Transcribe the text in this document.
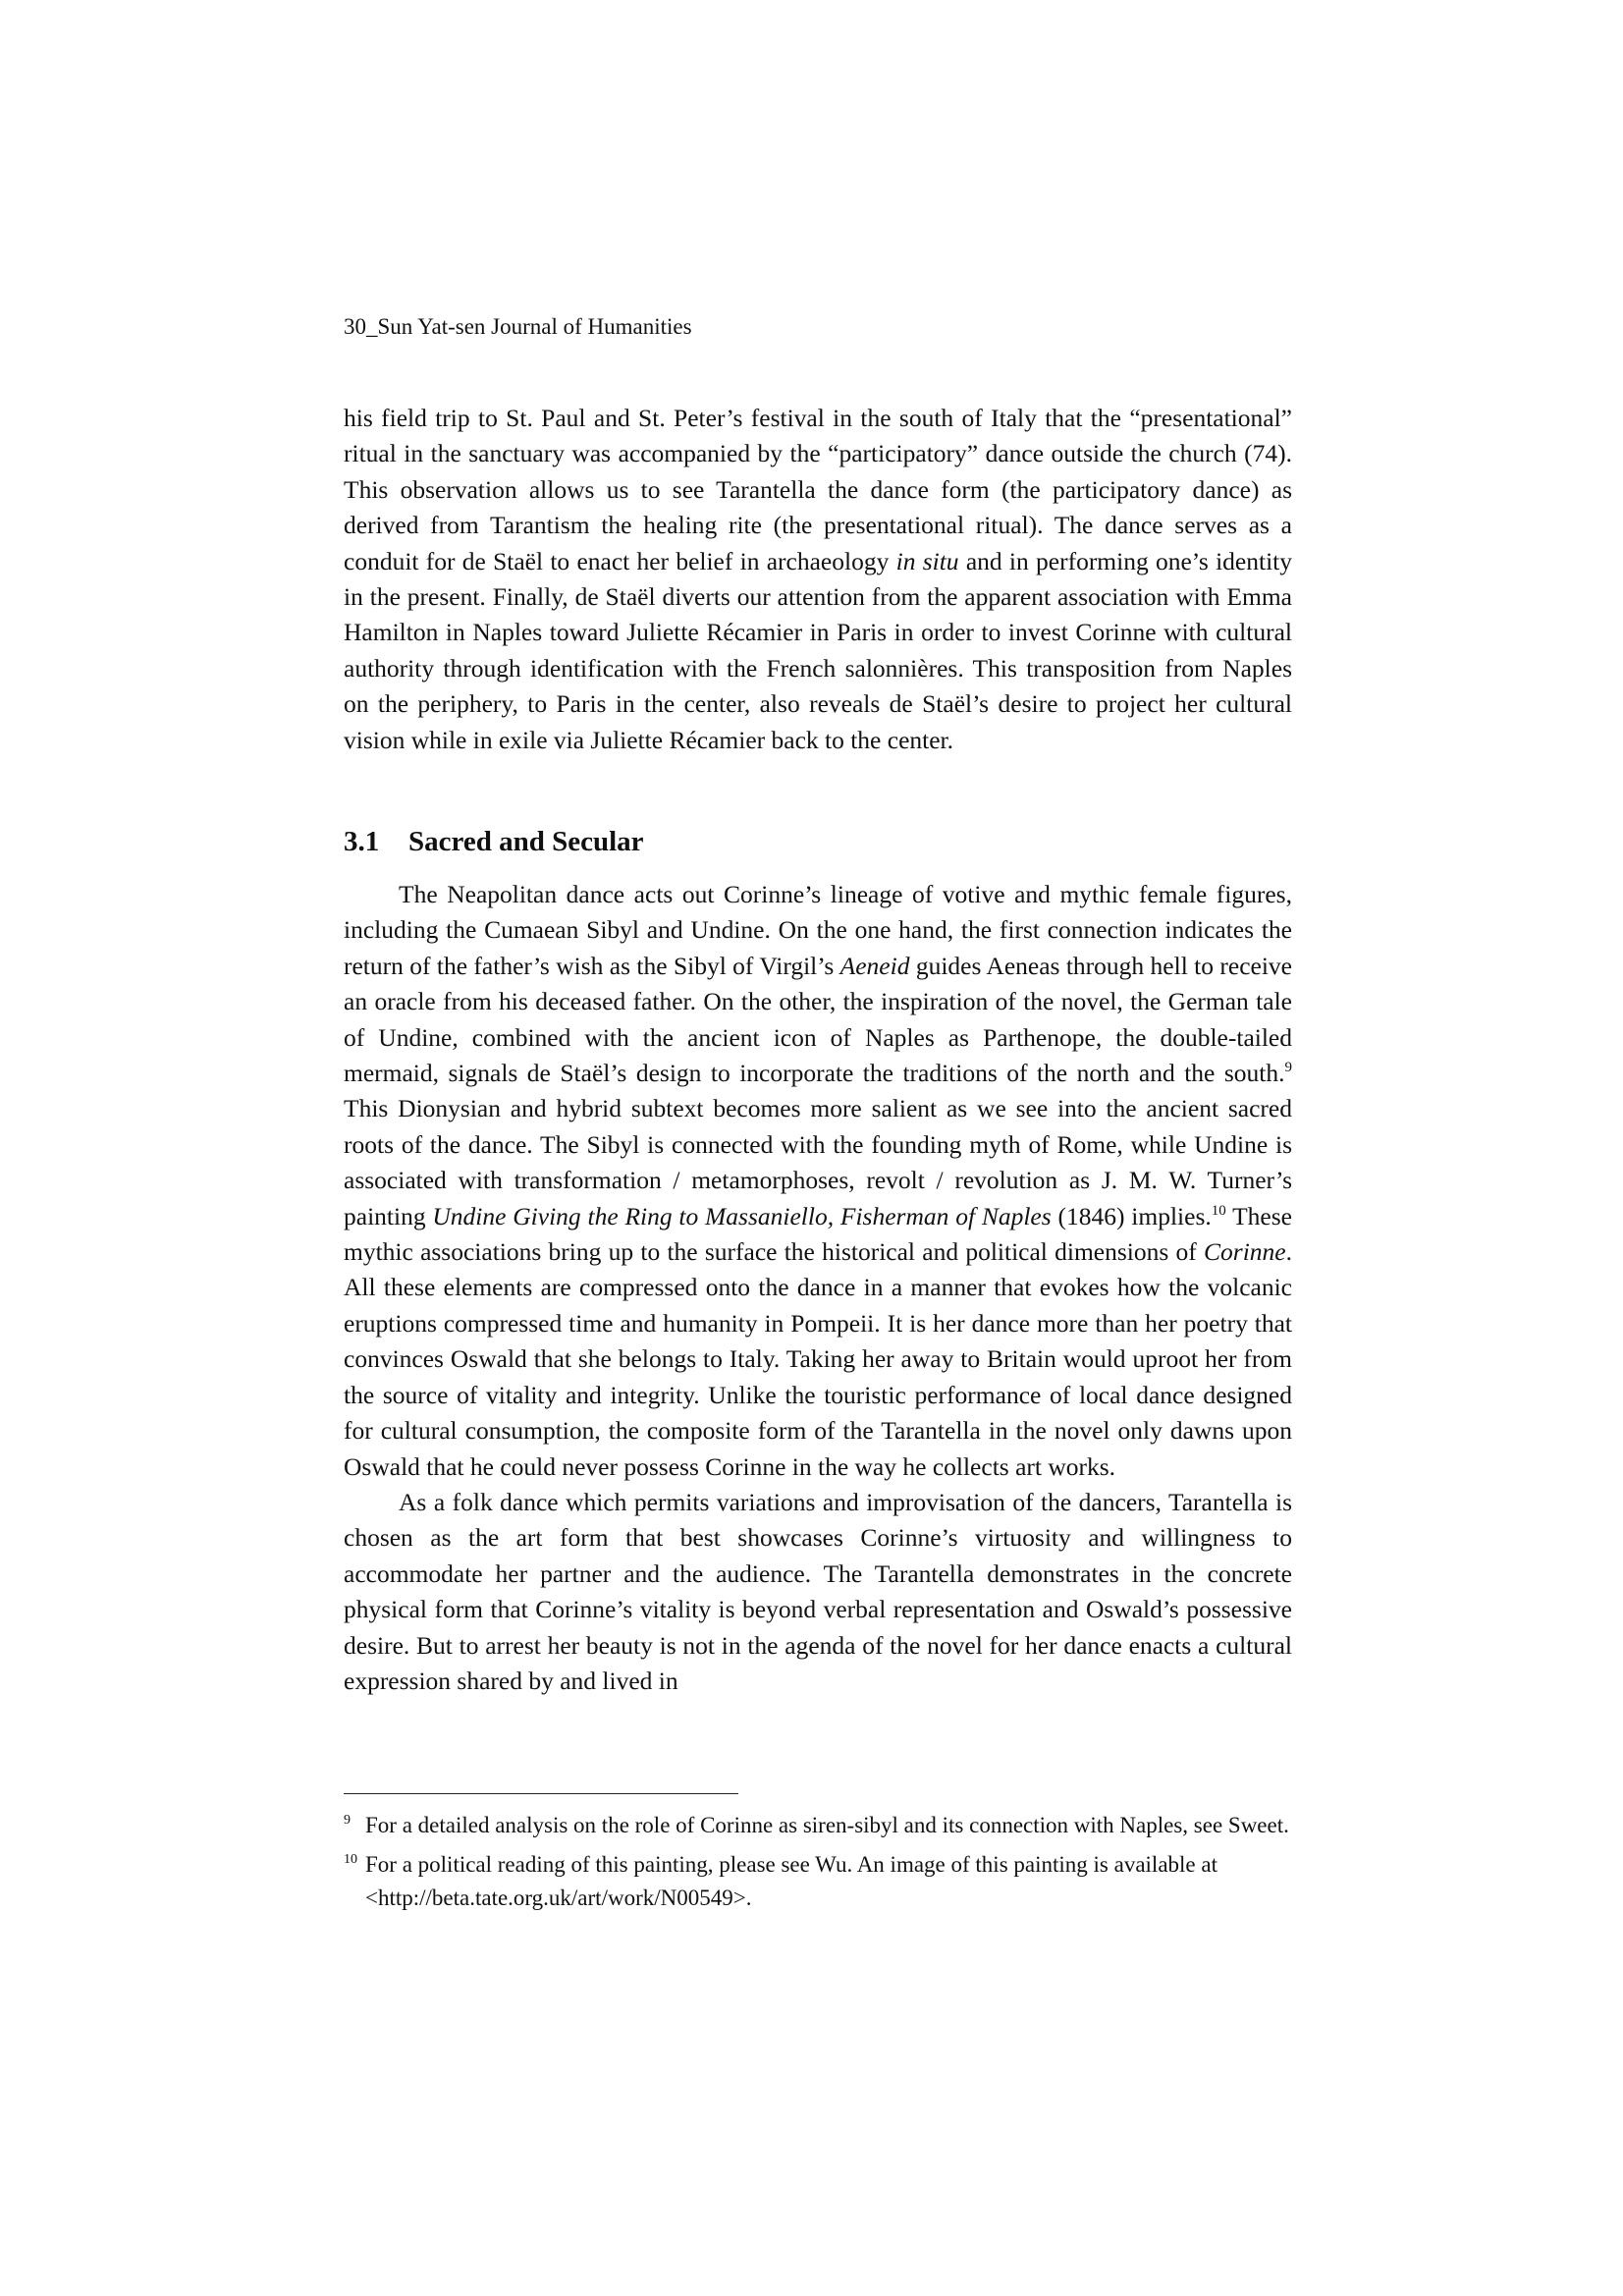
30_Sun Yat-sen Journal of Humanities

his field trip to St. Paul and St. Peter’s festival in the south of Italy that the “presentational” ritual in the sanctuary was accompanied by the “participatory” dance outside the church (74). This observation allows us to see Tarantella the dance form (the participatory dance) as derived from Tarantism the healing rite (the presentational ritual). The dance serves as a conduit for de Staël to enact her belief in archaeology in situ and in performing one’s identity in the present. Finally, de Staël diverts our attention from the apparent association with Emma Hamilton in Naples toward Juliette Récamier in Paris in order to invest Corinne with cultural authority through identification with the French salonnières. This transposition from Naples on the periphery, to Paris in the center, also reveals de Staël’s desire to project her cultural vision while in exile via Juliette Récamier back to the center.

3.1 Sacred and Secular

The Neapolitan dance acts out Corinne’s lineage of votive and mythic female figures, including the Cumaean Sibyl and Undine. On the one hand, the first connection indicates the return of the father’s wish as the Sibyl of Virgil’s Aeneid guides Aeneas through hell to receive an oracle from his deceased father. On the other, the inspiration of the novel, the German tale of Undine, combined with the ancient icon of Naples as Parthenope, the double-tailed mermaid, signals de Staël’s design to incorporate the traditions of the north and the south.$^9$ This Dionysian and hybrid subtext becomes more salient as we see into the ancient sacred roots of the dance. The Sibyl is connected with the founding myth of Rome, while Undine is associated with transformation / metamorphoses, revolt / revolution as J. M. W. Turner’s painting Undine Giving the Ring to Massaniello, Fisherman of Naples (1846) implies.$^{10}$ These mythic associations bring up to the surface the historical and political dimensions of Corinne. All these elements are compressed onto the dance in a manner that evokes how the volcanic eruptions compressed time and humanity in Pompeii. It is her dance more than her poetry that convinces Oswald that she belongs to Italy. Taking her away to Britain would uproot her from the source of vitality and integrity. Unlike the touristic performance of local dance designed for cultural consumption, the composite form of the Tarantella in the novel only dawns upon Oswald that he could never possess Corinne in the way he collects art works.

As a folk dance which permits variations and improvisation of the dancers, Tarantella is chosen as the art form that best showcases Corinne’s virtuosity and willingness to accommodate her partner and the audience. The Tarantella demonstrates in the concrete physical form that Corinne’s vitality is beyond verbal representation and Oswald’s possessive desire. But to arrest her beauty is not in the agenda of the novel for her dance enacts a cultural expression shared by and lived in

$^9$ For a detailed analysis on the role of Corinne as siren-sibyl and its connection with Naples, see Sweet.

$^{10}$ For a political reading of this painting, please see Wu. An image of this painting is available at <http://beta.tate.org.uk/art/work/N00549>.
